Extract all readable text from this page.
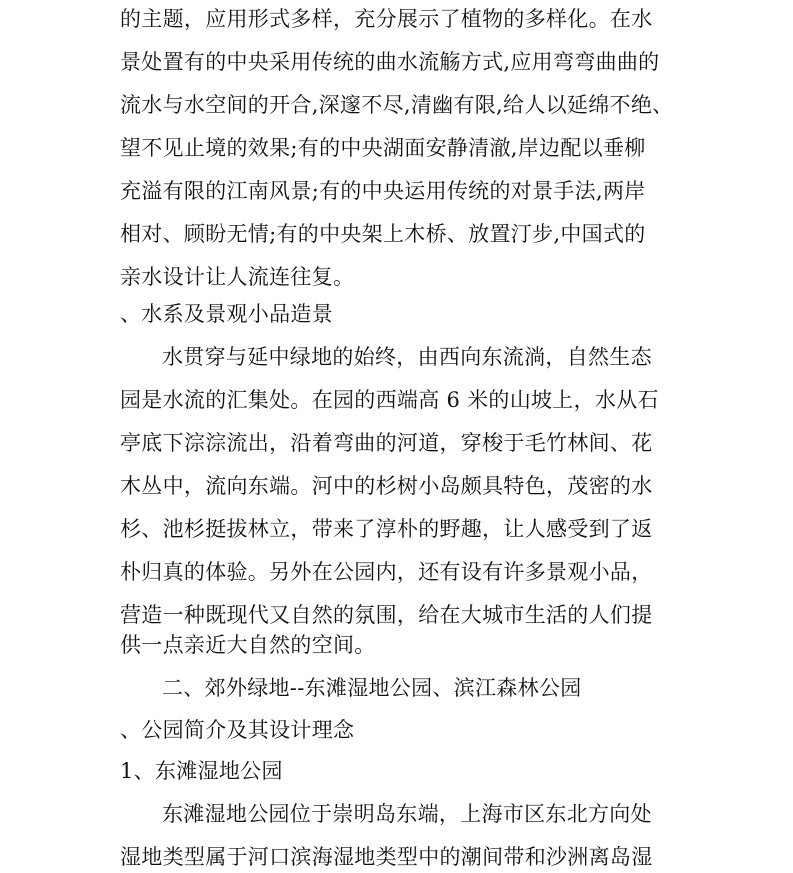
的主题，应用形式多样，充分展示了植物的多样化。在水
景处置有的中央采用传统的曲水流觞方式,应用弯弯曲曲的
流水与水空间的开合,深邃不尽,清幽有限,给人以延绵不绝、
望不见止境的效果;有的中央湖面安静清澈,岸边配以垂柳
充溢有限的江南风景;有的中央运用传统的对景手法,两岸
相对、顾盼无情;有的中央架上木桥、放置汀步,中国式的
亲水设计让人流连往复。
、水系及景观小品造景
水贯穿与延中绿地的始终，由西向东流淌，自然生态
园是水流的汇集处。在园的西端高 6 米的山坡上，水从石
亭底下淙淙流出，沿着弯曲的河道，穿梭于毛竹林间、花
木丛中，流向东端。河中的杉树小岛颇具特色，茂密的水
杉、池杉挺拔林立，带来了淳朴的野趣，让人感受到了返
朴归真的体验。另外在公园内，还有设有许多景观小品，
营造一种既现代又自然的氛围，给在大城市生活的人们提
供一点亲近大自然的空间。
二、郊外绿地--东滩湿地公园、滨江森林公园
、公园简介及其设计理念
1、东滩湿地公园
东滩湿地公园位于崇明岛东端，上海市区东北方向处
湿地类型属于河口滨海湿地类型中的潮间带和沙洲离岛湿
